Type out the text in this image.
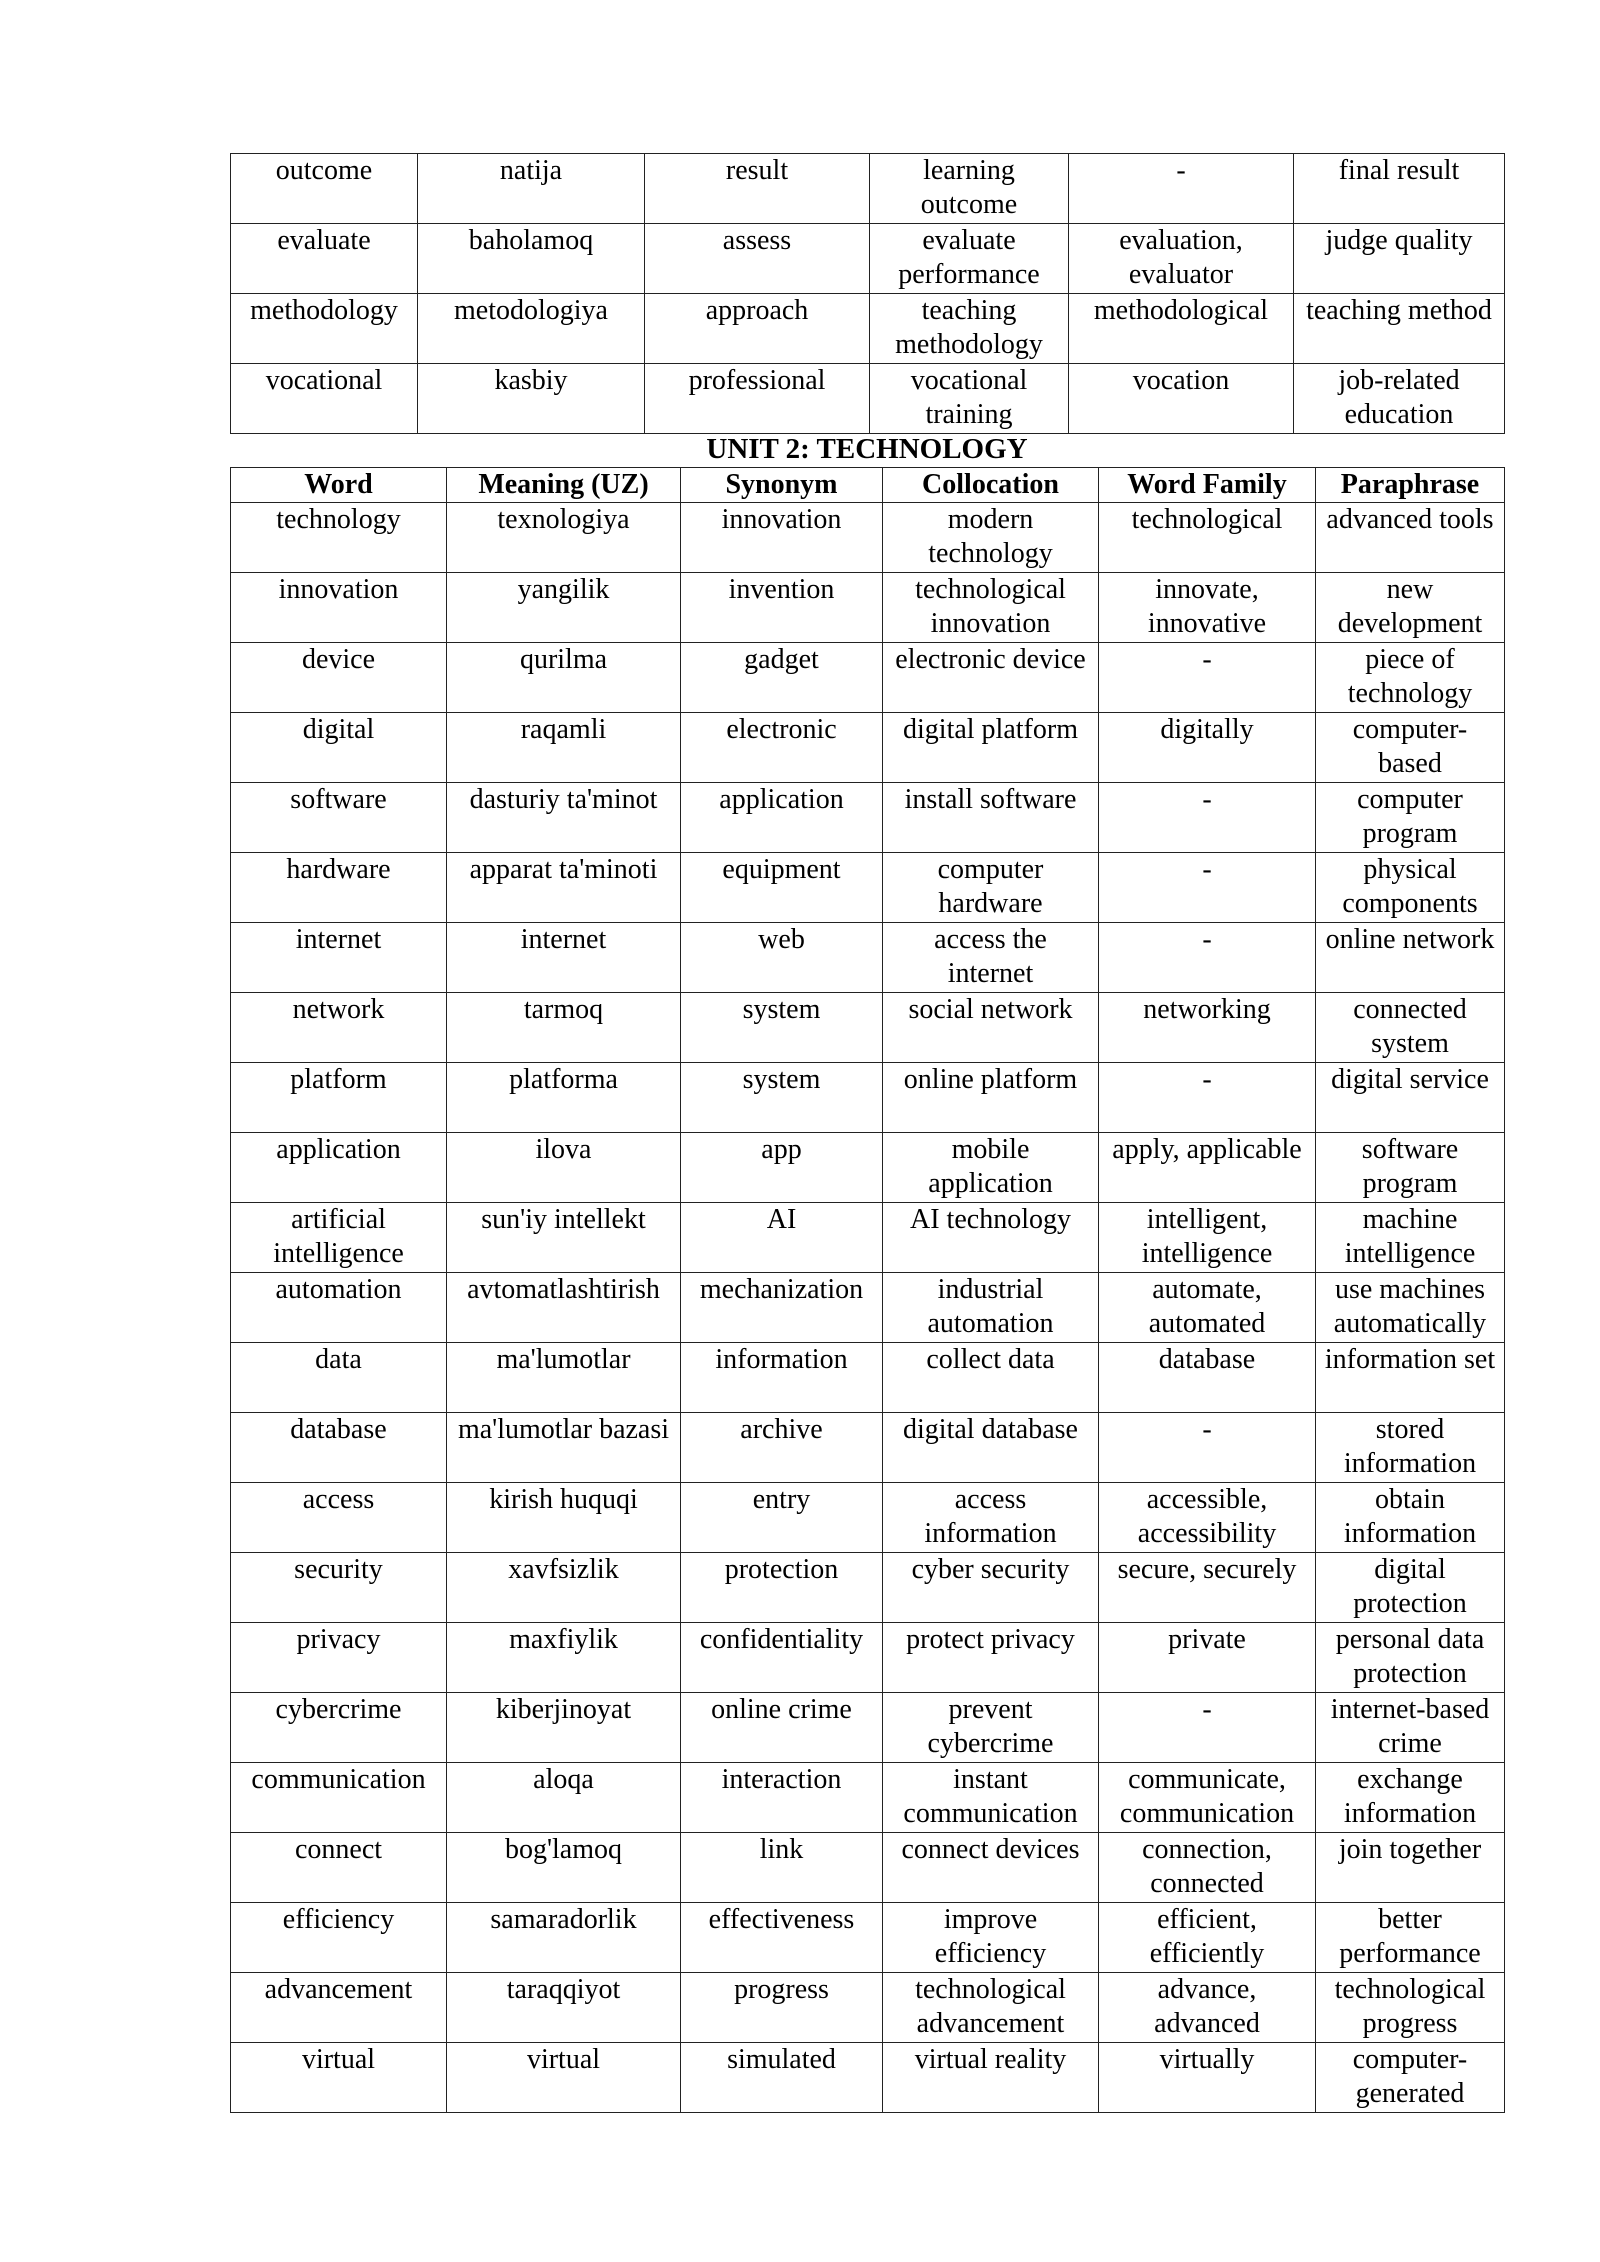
outcome	natija	result	learning outcome	-	final result
evaluate	baholamoq	assess	evaluate performance	evaluation, evaluator	judge quality
methodology	metodologiya	approach	teaching methodology	methodological	teaching method
vocational	kasbiy	professional	vocational training	vocation	job-related education
UNIT 2: TECHNOLOGY
Word	Meaning (UZ)	Synonym	Collocation	Word Family	Paraphrase
technology	texnologiya	innovation	modern technology	technological	advanced tools
innovation	yangilik	invention	technological innovation	innovate, innovative	new development
device	qurilma	gadget	electronic device	-	piece of technology
digital	raqamli	electronic	digital platform	digitally	computer-based
software	dasturiy ta'minot	application	install software	-	computer program
hardware	apparat ta'minoti	equipment	computer hardware	-	physical components
internet	internet	web	access the internet	-	online network
network	tarmoq	system	social network	networking	connected system
platform	platforma	system	online platform	-	digital service
application	ilova	app	mobile application	apply, applicable	software program
artificial intelligence	sun'iy intellekt	AI	AI technology	intelligent, intelligence	machine intelligence
automation	avtomatlashtirish	mechanization	industrial automation	automate, automated	use machines automatically
data	ma'lumotlar	information	collect data	database	information set
database	ma'lumotlar bazasi	archive	digital database	-	stored information
access	kirish huquqi	entry	access information	accessible, accessibility	obtain information
security	xavfsizlik	protection	cyber security	secure, securely	digital protection
privacy	maxfiylik	confidentiality	protect privacy	private	personal data protection
cybercrime	kiberjinoyat	online crime	prevent cybercrime	-	internet-based crime
communication	aloqa	interaction	instant communication	communicate, communication	exchange information
connect	bog'lamoq	link	connect devices	connection, connected	join together
efficiency	samaradorlik	effectiveness	improve efficiency	efficient, efficiently	better performance
advancement	taraqqiyot	progress	technological advancement	advance, advanced	technological progress
virtual	virtual	simulated	virtual reality	virtually	computer-generated
